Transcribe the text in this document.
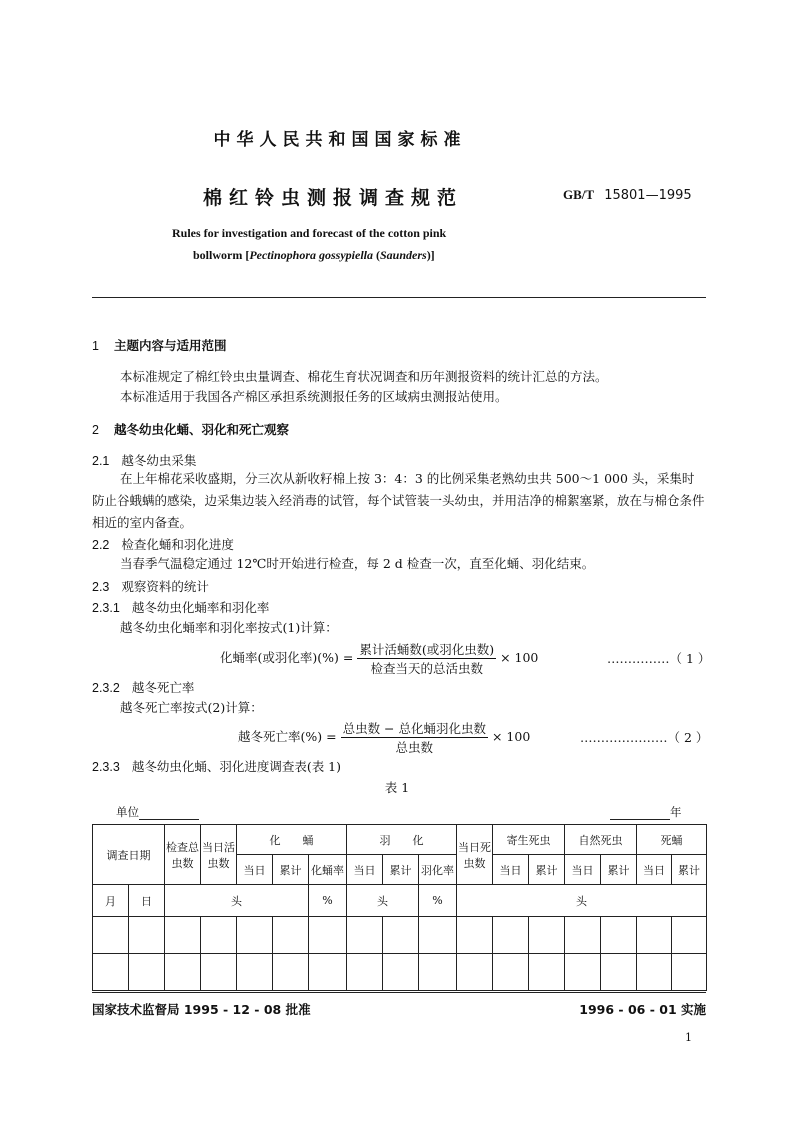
中华人民共和国国家标准
棉红铃虫测报调查规范	GB/T 15801—1995
Rules for investigation and forecast of the cotton pink
bollworm [Pectinophora gossypiella (Saunders)]
1 主题内容与适用范围
本标准规定了棉红铃虫虫量调查、棉花生育状况调查和历年测报资料的统计汇总的方法。
本标准适用于我国各产棉区承担系统测报任务的区域病虫测报站使用。
2 越冬幼虫化蛹、羽化和死亡观察
2.1 越冬幼虫采集
在上年棉花采收盛期，分三次从新收籽棉上按 3：4：3 的比例采集老熟幼虫共 500～1 000 头，采集时防止谷蛾螨的感染，边采集边装入经消毒的试管，每个试管装一头幼虫，并用洁净的棉絮塞紧，放在与棉仓条件相近的室内备查。
2.2 检查化蛹和羽化进度
当春季气温稳定通过 12℃时开始进行检查，每 2 d 检查一次，直至化蛹、羽化结束。
2.3 观察资料的统计
2.3.1 越冬幼虫化蛹率和羽化率
越冬幼虫化蛹率和羽化率按式(1)计算：
化蛹率(或羽化率)(%) = $\frac{\text{累计活蛹数(或羽化虫数)}}{\text{检查当天的总活虫数}} \times 100$	……………（ 1 ）
2.3.2 越冬死亡率
越冬死亡率按式(2)计算：
越冬死亡率(%) = $\frac{\text{总虫数 − 总化蛹羽化虫数}}{\text{总虫数}} \times 100$	…………………（ 2 ）
2.3.3 越冬幼虫化蛹、羽化进度调查表(表 1)
表 1
单位	年
调查日期		检查总虫数	当日活虫数	化　　蛹			羽　　化			当日死虫数	寄生死虫		自然死虫		死蛹	
				当日	累计	化蛹率	当日	累计	羽化率		当日	累计	当日	累计	当日	累计
月	日	头				%	头		%	头						

国家技术监督局 1995 - 12 - 08 批准	1996 - 06 - 01 实施
1
